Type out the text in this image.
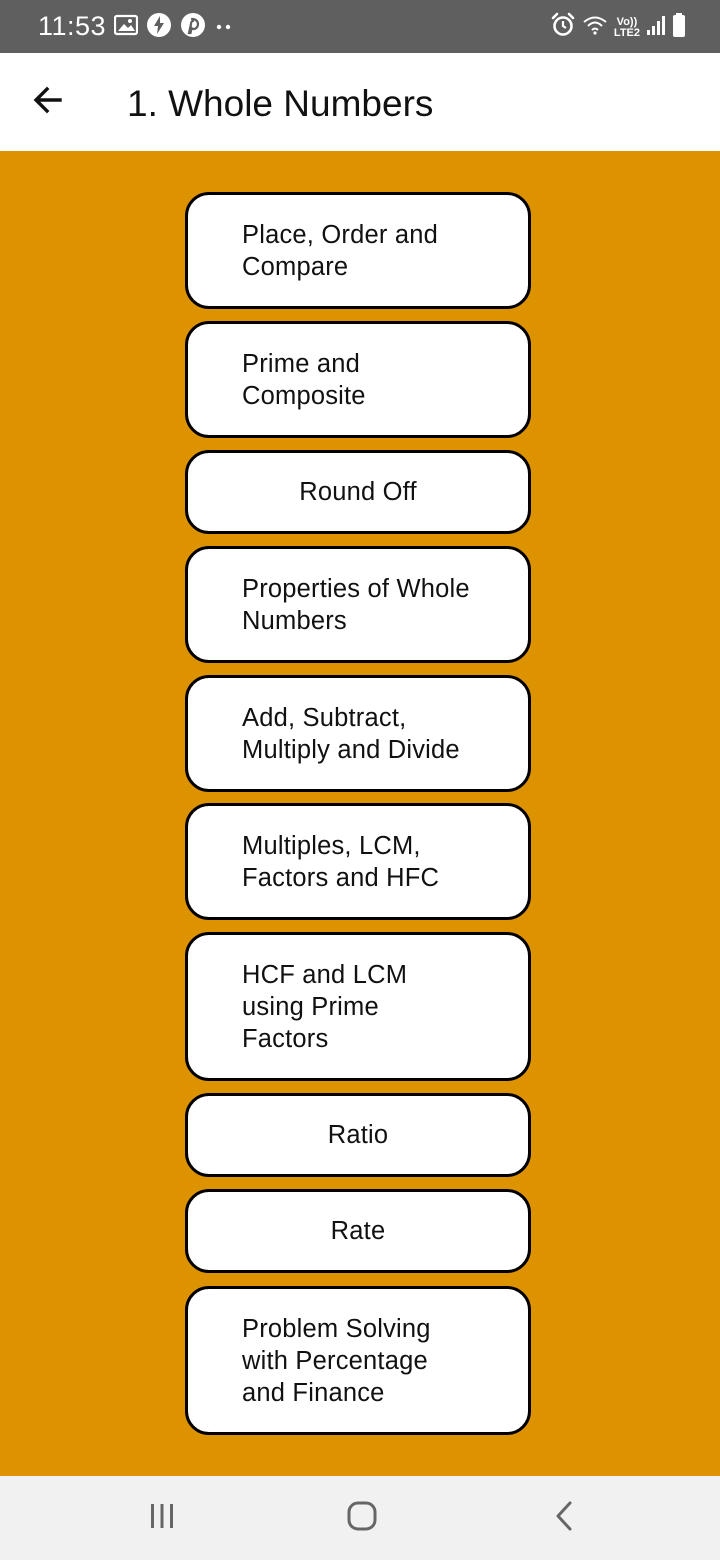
11:53	Vo))
LTE2
1. Whole Numbers
Place, Order and
Compare
Prime and
Composite
Round Off
Properties of Whole
Numbers
Add, Subtract,
Multiply and Divide
Multiples, LCM,
Factors and HFC
HCF and LCM
using Prime
Factors
Ratio
Rate
Problem Solving
with Percentage
and Finance
